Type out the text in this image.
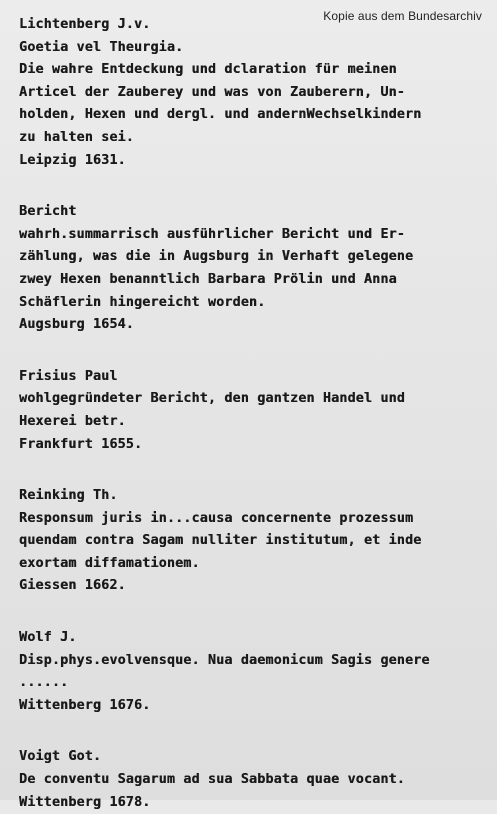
Kopie aus dem Bundesarchiv
Lichtenberg J.v.
Goetia vel Theurgia.
Die wahre Entdeckung und dclaration für meinen
Articel der Zauberey und was von Zauberern, Un-
holden, Hexen und dergl. und andernWechselkindern
zu halten sei.
Leipzig 1631.
Bericht
wahrh.summarrisch ausführlicher Bericht und Er-
zählung, was die in Augsburg in Verhaft gelegene
zwey Hexen benanntlich Barbara Prölin und Anna
Schäflerin hingereicht worden.
Augsburg 1654.
Frisius Paul
wohlgegründeter Bericht, den gantzen Handel und
Hexerei betr.
Frankfurt 1655.
Reinking Th.
Responsum juris in...causa concernente prozessum
quendam contra Sagam nulliter institutum, et inde
exortam diffamationem.
Giessen 1662.
Wolf J.
Disp.phys.evolvensque. Nua daemonicum Sagis genere
......
Wittenberg 1676.
Voigt Got.
De conventu Sagarum ad sua Sabbata quae vocant.
Wittenberg 1678.
